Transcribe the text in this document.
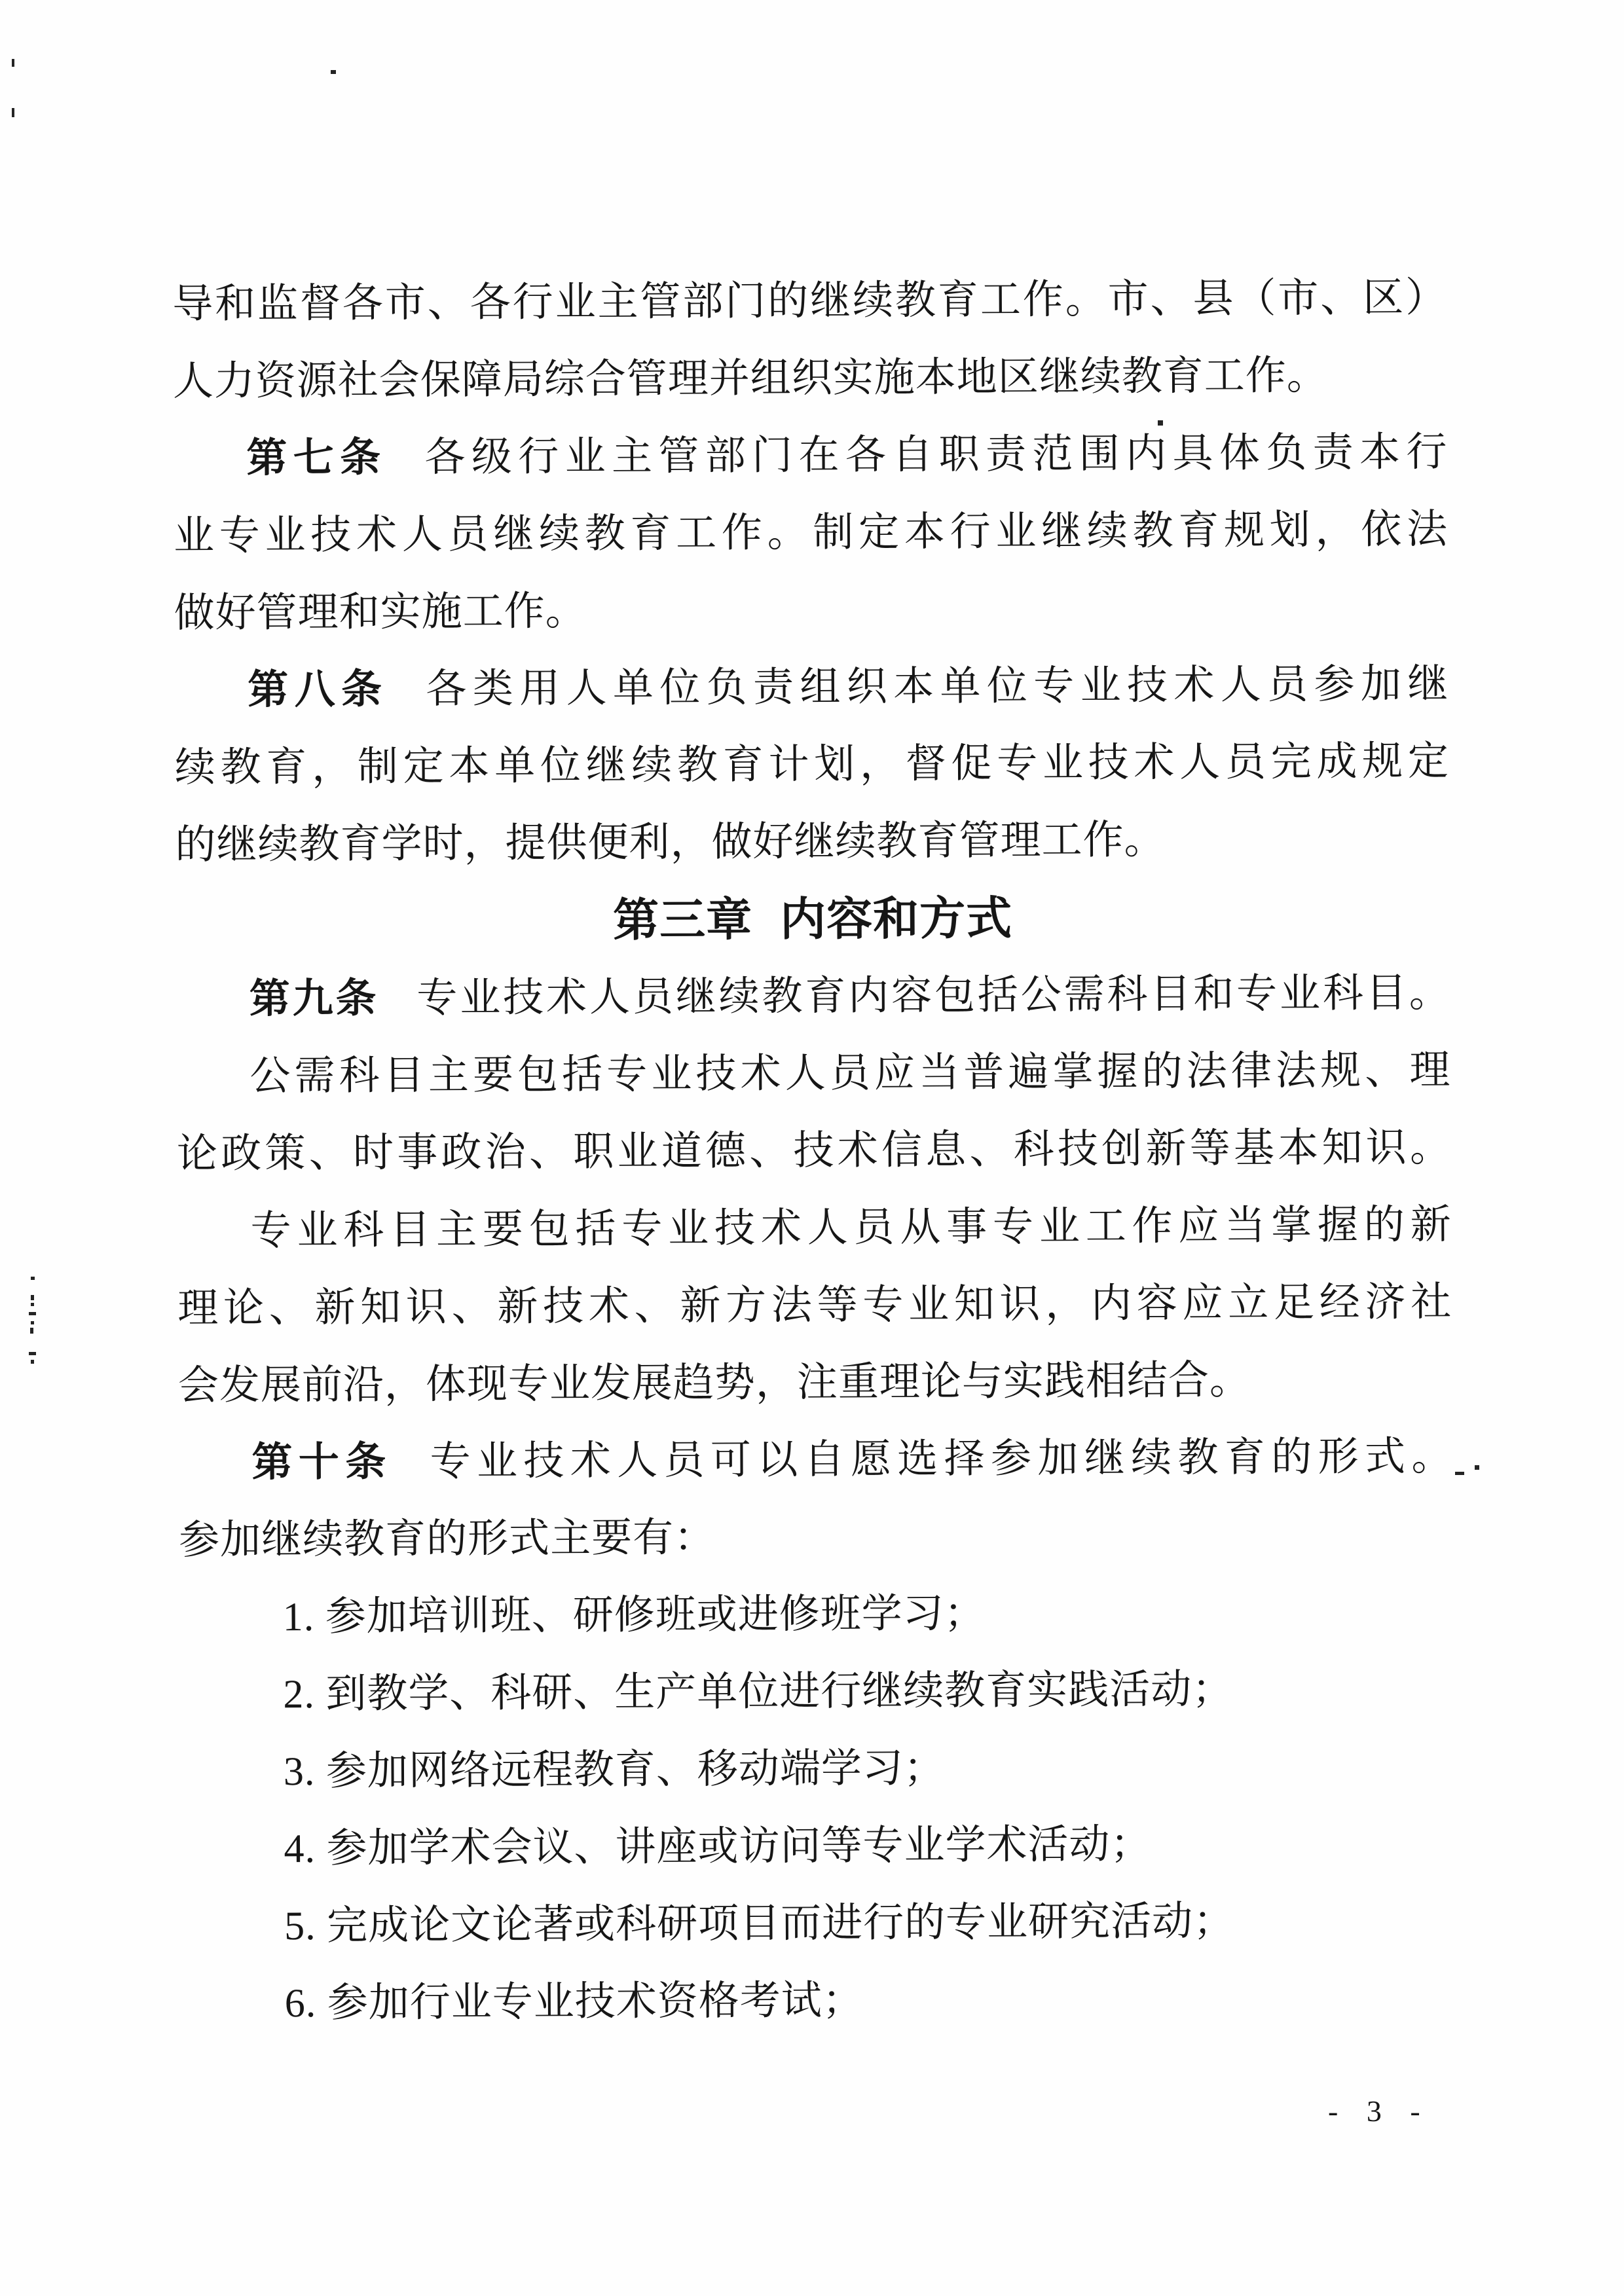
导和监督各市、各行业主管部门的继续教育工作。市、县（市、区）
人力资源社会保障局综合管理并组织实施本地区继续教育工作。
第七条 各级行业主管部门在各自职责范围内具体负责本行
业专业技术人员继续教育工作。制定本行业继续教育规划，依法
做好管理和实施工作。
第八条 各类用人单位负责组织本单位专业技术人员参加继
续教育，制定本单位继续教育计划，督促专业技术人员完成规定
的继续教育学时，提供便利，做好继续教育管理工作。
第三章 内容和方式
第九条 专业技术人员继续教育内容包括公需科目和专业科目。
公需科目主要包括专业技术人员应当普遍掌握的法律法规、理
论政策、时事政治、职业道德、技术信息、科技创新等基本知识。
专业科目主要包括专业技术人员从事专业工作应当掌握的新
理论、新知识、新技术、新方法等专业知识，内容应立足经济社
会发展前沿，体现专业发展趋势，注重理论与实践相结合。
第十条 专业技术人员可以自愿选择参加继续教育的形式。
参加继续教育的形式主要有：
1. 参加培训班、研修班或进修班学习；
2. 到教学、科研、生产单位进行继续教育实践活动；
3. 参加网络远程教育、移动端学习；
4. 参加学术会议、讲座或访问等专业学术活动；
5. 完成论文论著或科研项目而进行的专业研究活动；
6. 参加行业专业技术资格考试；
- 3 -
